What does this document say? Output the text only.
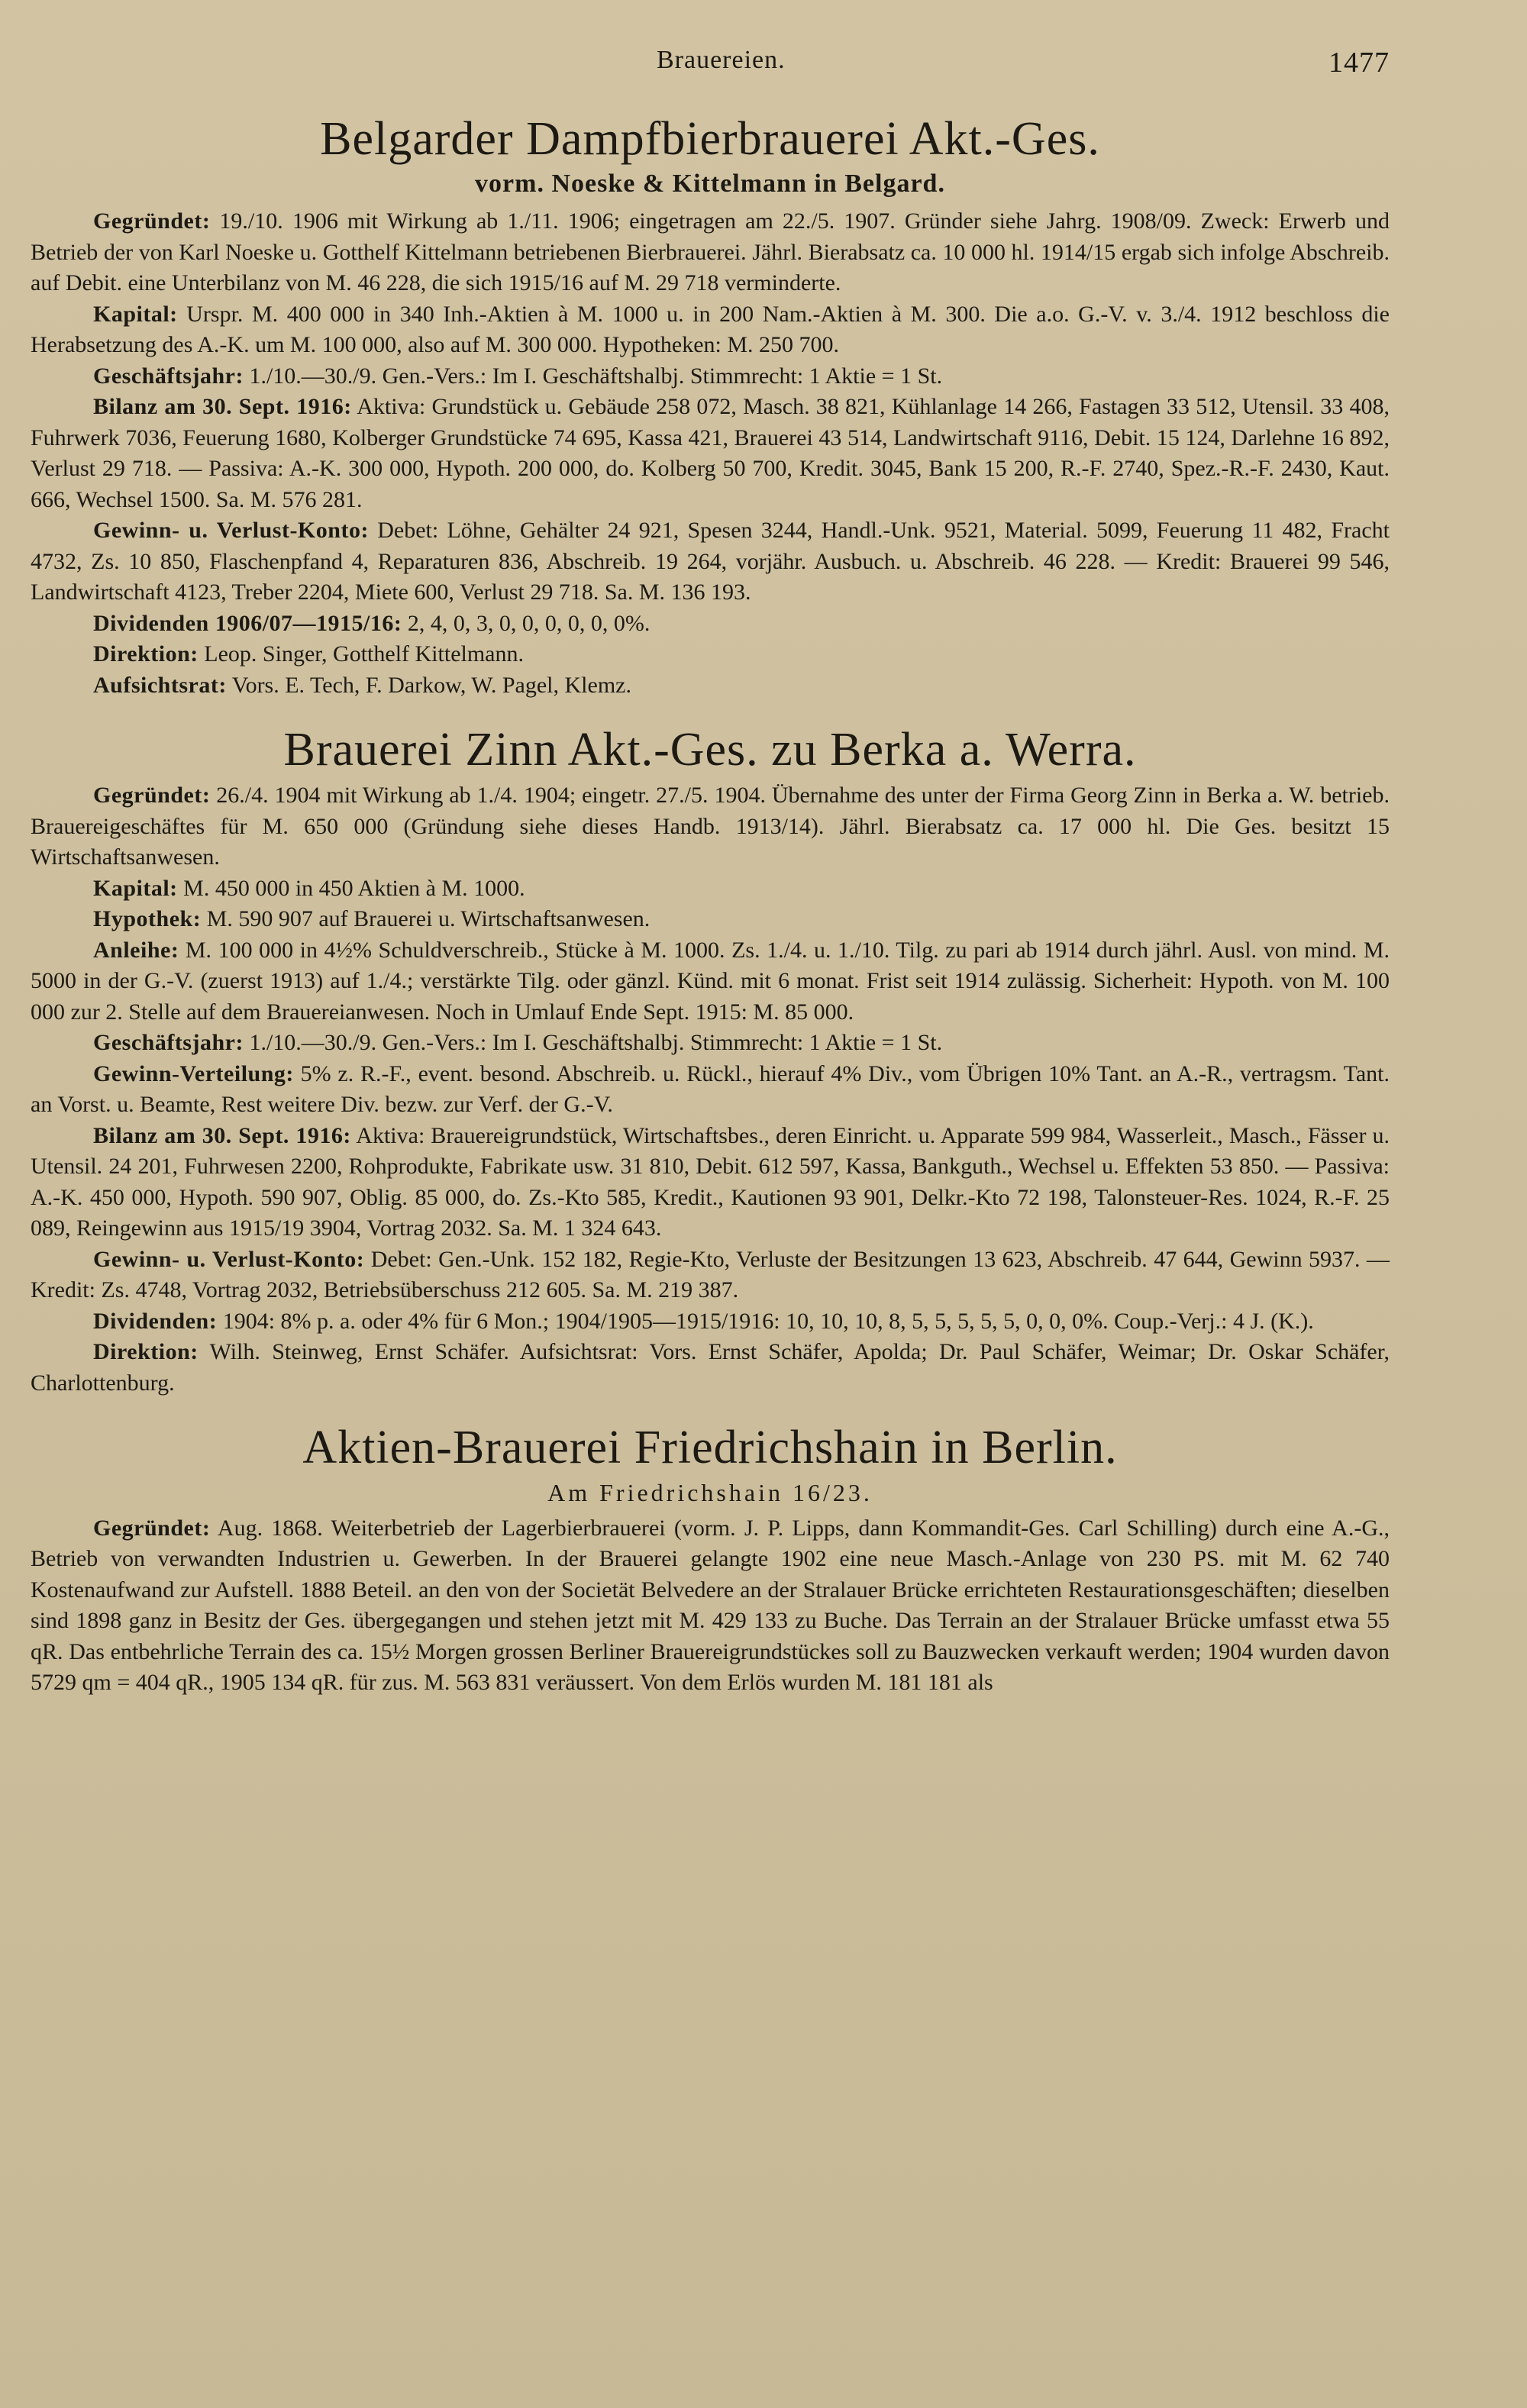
Brauereien.	1477
Belgarder Dampfbierbrauerei Akt.-Ges.
vorm. Noeske & Kittelmann in Belgard.

Gegründet: 19./10. 1906 mit Wirkung ab 1./11. 1906; eingetragen am 22./5. 1907. Gründer siehe Jahrg. 1908/09. Zweck: Erwerb und Betrieb der von Karl Noeske u. Gotthelf Kittelmann betriebenen Bierbrauerei. Jährl. Bierabsatz ca. 10 000 hl. 1914/15 ergab sich infolge Abschreib. auf Debit. eine Unterbilanz von M. 46 228, die sich 1915/16 auf M. 29 718 verminderte.

Kapital: Urspr. M. 400 000 in 340 Inh.-Aktien à M. 1000 u. in 200 Nam.-Aktien à M. 300. Die a.o. G.-V. v. 3./4. 1912 beschloss die Herabsetzung des A.-K. um M. 100 000, also auf M. 300 000. Hypotheken: M. 250 700.

Geschäftsjahr: 1./10.—30./9. Gen.-Vers.: Im I. Geschäftshalbj. Stimmrecht: 1 Aktie = 1 St.

Bilanz am 30. Sept. 1916: Aktiva: Grundstück u. Gebäude 258 072, Masch. 38 821, Kühlanlage 14 266, Fastagen 33 512, Utensil. 33 408, Fuhrwerk 7036, Feuerung 1680, Kolberger Grundstücke 74 695, Kassa 421, Brauerei 43 514, Landwirtschaft 9116, Debit. 15 124, Darlehne 16 892, Verlust 29 718. — Passiva: A.-K. 300 000, Hypoth. 200 000, do. Kolberg 50 700, Kredit. 3045, Bank 15 200, R.-F. 2740, Spez.-R.-F. 2430, Kaut. 666, Wechsel 1500. Sa. M. 576 281.

Gewinn- u. Verlust-Konto: Debet: Löhne, Gehälter 24 921, Spesen 3244, Handl.-Unk. 9521, Material. 5099, Feuerung 11 482, Fracht 4732, Zs. 10 850, Flaschenpfand 4, Reparaturen 836, Abschreib. 19 264, vorjähr. Ausbuch. u. Abschreib. 46 228. — Kredit: Brauerei 99 546, Landwirtschaft 4123, Treber 2204, Miete 600, Verlust 29 718. Sa. M. 136 193.

Dividenden 1906/07—1915/16: 2, 4, 0, 3, 0, 0, 0, 0, 0, 0%.

Direktion: Leop. Singer, Gotthelf Kittelmann.

Aufsichtsrat: Vors. E. Tech, F. Darkow, W. Pagel, Klemz.

Brauerei Zinn Akt.-Ges. zu Berka a. Werra.

Gegründet: 26./4. 1904 mit Wirkung ab 1./4. 1904; eingetr. 27./5. 1904. Übernahme des unter der Firma Georg Zinn in Berka a. W. betrieb. Brauereigeschäftes für M. 650 000 (Gründung siehe dieses Handb. 1913/14). Jährl. Bierabsatz ca. 17 000 hl. Die Ges. besitzt 15 Wirtschaftsanwesen.

Kapital: M. 450 000 in 450 Aktien à M. 1000.

Hypothek: M. 590 907 auf Brauerei u. Wirtschaftsanwesen.

Anleihe: M. 100 000 in 4½% Schuldverschreib., Stücke à M. 1000. Zs. 1./4. u. 1./10. Tilg. zu pari ab 1914 durch jährl. Ausl. von mind. M. 5000 in der G.-V. (zuerst 1913) auf 1./4.; verstärkte Tilg. oder gänzl. Künd. mit 6 monat. Frist seit 1914 zulässig. Sicherheit: Hypoth. von M. 100 000 zur 2. Stelle auf dem Brauereianwesen. Noch in Umlauf Ende Sept. 1915: M. 85 000.

Geschäftsjahr: 1./10.—30./9. Gen.-Vers.: Im I. Geschäftshalbj. Stimmrecht: 1 Aktie = 1 St.

Gewinn-Verteilung: 5% z. R.-F., event. besond. Abschreib. u. Rückl., hierauf 4% Div., vom Übrigen 10% Tant. an A.-R., vertragsm. Tant. an Vorst. u. Beamte, Rest weitere Div. bezw. zur Verf. der G.-V.

Bilanz am 30. Sept. 1916: Aktiva: Brauereigrundstück, Wirtschaftsbes., deren Einricht. u. Apparate 599 984, Wasserleit., Masch., Fässer u. Utensil. 24 201, Fuhrwesen 2200, Rohprodukte, Fabrikate usw. 31 810, Debit. 612 597, Kassa, Bankguth., Wechsel u. Effekten 53 850. — Passiva: A.-K. 450 000, Hypoth. 590 907, Oblig. 85 000, do. Zs.-Kto 585, Kredit., Kautionen 93 901, Delkr.-Kto 72 198, Talonsteuer-Res. 1024, R.-F. 25 089, Reingewinn aus 1915/19 3904, Vortrag 2032. Sa. M. 1 324 643.

Gewinn- u. Verlust-Konto: Debet: Gen.-Unk. 152 182, Regie-Kto, Verluste der Besitzungen 13 623, Abschreib. 47 644, Gewinn 5937. — Kredit: Zs. 4748, Vortrag 2032, Betriebsüberschuss 212 605. Sa. M. 219 387.

Dividenden: 1904: 8% p. a. oder 4% für 6 Mon.; 1904/1905—1915/1916: 10, 10, 10, 8, 5, 5, 5, 5, 5, 0, 0, 0%. Coup.-Verj.: 4 J. (K.).

Direktion: Wilh. Steinweg, Ernst Schäfer. Aufsichtsrat: Vors. Ernst Schäfer, Apolda; Dr. Paul Schäfer, Weimar; Dr. Oskar Schäfer, Charlottenburg.

Aktien-Brauerei Friedrichshain in Berlin.
Am Friedrichshain 16/23.

Gegründet: Aug. 1868. Weiterbetrieb der Lagerbierbrauerei (vorm. J. P. Lipps, dann Kommandit-Ges. Carl Schilling) durch eine A.-G., Betrieb von verwandten Industrien u. Gewerben. In der Brauerei gelangte 1902 eine neue Masch.-Anlage von 230 PS. mit M. 62 740 Kostenaufwand zur Aufstell. 1888 Beteil. an den von der Societät Belvedere an der Stralauer Brücke errichteten Restaurationsgeschäften; dieselben sind 1898 ganz in Besitz der Ges. übergegangen und stehen jetzt mit M. 429 133 zu Buche. Das Terrain an der Stralauer Brücke umfasst etwa 55 qR. Das entbehrliche Terrain des ca. 15½ Morgen grossen Berliner Brauereigrundstückes soll zu Bauzwecken verkauft werden; 1904 wurden davon 5729 qm = 404 qR., 1905 134 qR. für zus. M. 563 831 veräussert. Von dem Erlös wurden M. 181 181 als
